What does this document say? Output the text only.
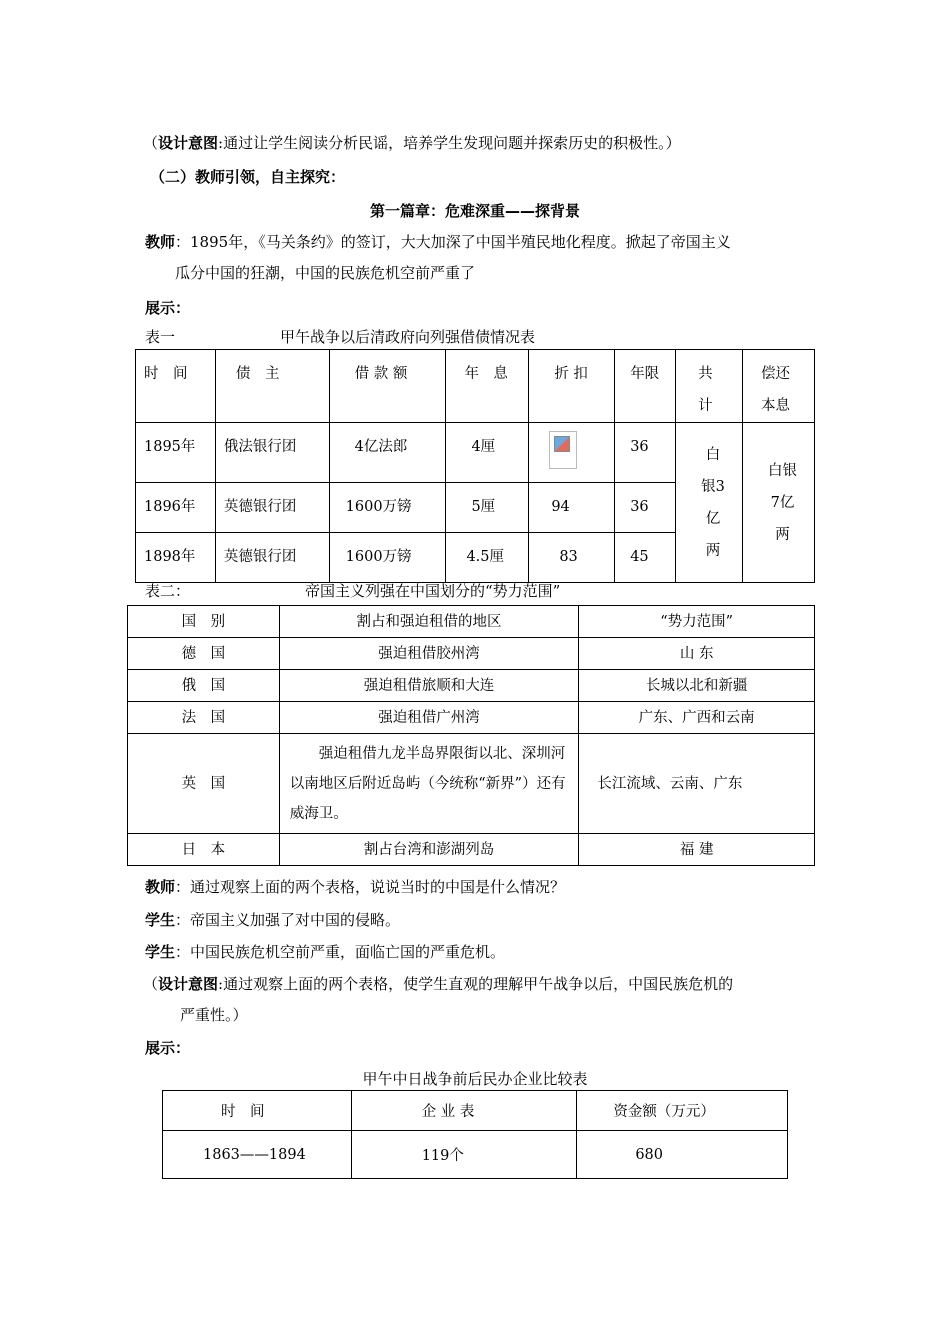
（设计意图:通过让学生阅读分析民谣，培养学生发现问题并探索历史的积极性。）
（二）教师引领，自主探究：
第一篇章：危难深重——探背景
教师：1895年，《马关条约》的签订，大大加深了中国半殖民地化程度。掀起了帝国主义
瓜分中国的狂潮，中国的民族危机空前严重了
展示：
表一	甲午战争以后清政府向列强借债情况表
时　间	债　主	借 款 额	年　息	折 扣	年限	共计	偿还本息

1895年	俄法银行团	4亿法郎	4厘		36	白银3亿两	白银7亿两

1896年	英德银行团	1600万镑	5厘	94	36		
1898年	英德银行团	1600万镑	4.5厘	83	45		
表二：	帝国主义列强在中国划分的“势力范围”
国　别	割占和强迫租借的地区	“势力范围”
德　国	强迫租借胶州湾	山 东
俄　国	强迫租借旅顺和大连	长城以北和新疆
法　国	强迫租借广州湾	广东、广西和云南
英　国	强迫租借九龙半岛界限街以北、深圳河以南地区后附近岛屿（今统称“新界”）还有威海卫。	长江流域、云南、广东
日　本	割占台湾和澎湖列岛	福 建
教师：通过观察上面的两个表格，说说当时的中国是什么情况？
学生：帝国主义加强了对中国的侵略。
学生：中国民族危机空前严重，面临亡国的严重危机。
（设计意图:通过观察上面的两个表格，使学生直观的理解甲午战争以后，中国民族危机的
严重性。）
展示：
甲午中日战争前后民办企业比较表
时　间	企 业 表	资金额（万元）
1863——1894	119个	680
